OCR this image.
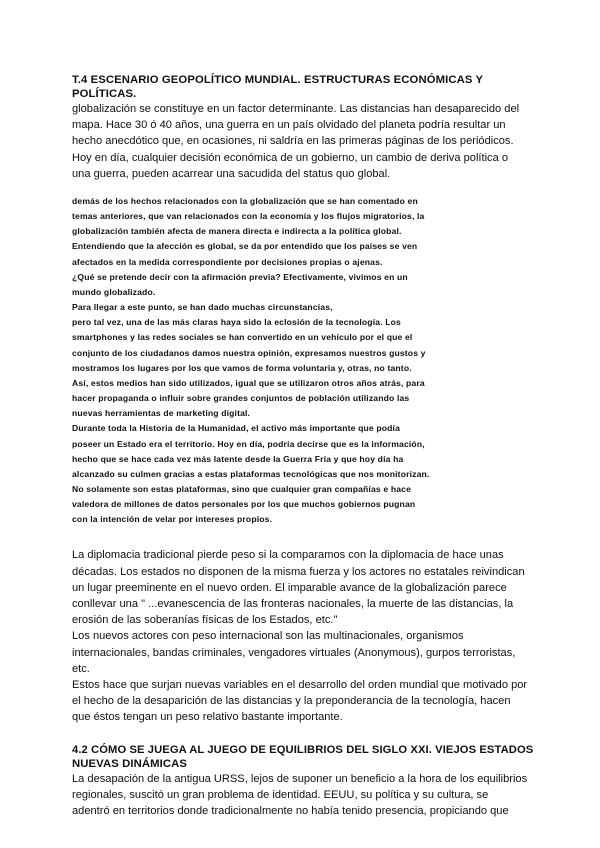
T.4 ESCENARIO GEOPOLÍTICO MUNDIAL. ESTRUCTURAS ECONÓMICAS Y
POLÍTICAS.

globalización se constituye en un factor determinante. Las distancias han desaparecido del
mapa. Hace 30 ó 40 años, una guerra en un país olvidado del planeta podría resultar un
hecho anecdótico que, en ocasiones, ni saldría en las primeras páginas de los periódicos.
Hoy en día, cualquier decisión económica de un gobierno, un cambio de deriva política o
una guerra, pueden acarrear una sacudida del status quo global.

demás de los hechos relacionados con la globalización que se han comentado en
temas anteriores, que van relacionados con la economía y los flujos migratorios, la
globalización también afecta de manera directa e indirecta a la política global.
Entendiendo que la afección es global, se da por entendido que los países se ven
afectados en la medida correspondiente por decisiones propias o ajenas.
¿Qué se pretende decir con la afirmación previa? Efectivamente, vivimos en un
mundo globalizado.
Para llegar a este punto, se han dado muchas circunstancias,
pero tal vez, una de las más claras haya sido la eclosión de la tecnología. Los
smartphones y las redes sociales se han convertido en un vehículo por el que el
conjunto de los ciudadanos damos nuestra opinión, expresamos nuestros gustos y
mostramos los lugares por los que vamos de forma voluntaria y, otras, no tanto.
Así, estos medios han sido utilizados, igual que se utilizaron otros años atrás, para
hacer propaganda o influir sobre grandes conjuntos de población utilizando las
nuevas herramientas de marketing digital.
Durante toda la Historia de la Humanidad, el activo más importante que podía
poseer un Estado era el territorio. Hoy en día, podría decirse que es la información,
hecho que se hace cada vez más latente desde la Guerra Fría y que hoy día ha
alcanzado su culmen gracias a estas plataformas tecnológicas que nos monitorizan.
No solamente son estas plataformas, sino que cualquier gran compañías e hace
valedora de millones de datos personales por los que muchos gobiernos pugnan
con la intención de velar por intereses propios.

La diplomacia tradicional pierde peso si la comparamos con la diplomacia de hace unas
décadas. Los estados no disponen de la misma fuerza y los actores no estatales reivindican
un lugar preeminente en el nuevo orden. El imparable avance de la globalización parece
conllevar una " ...evanescencia de las fronteras nacionales, la muerte de las distancias, la
erosión de las soberanías físicas de los Estados, etc."
Los nuevos actores con peso internacional son las multinacionales, organismos
internacionales, bandas criminales, vengadores virtuales (Anonymous), gurpos terroristas,
etc.
Estos hace que surjan nuevas variables en el desarrollo del orden mundial que motivado por
el hecho de la desaparición de las distancias y la preponderancia de la tecnología, hacen
que éstos tengan un peso relativo bastante importante.

4.2 CÓMO SE JUEGA AL JUEGO DE EQUILIBRIOS DEL SIGLO XXI. VIEJOS ESTADOS
NUEVAS DINÁMICAS

La desapación de la antigua URSS, lejos de suponer un beneficio a la hora de los equilibrios
regionales, suscitó un gran problema de identidad. EEUU, su política y su cultura, se
adentró en territorios donde tradicionalmente no había tenido presencia, propiciando que
